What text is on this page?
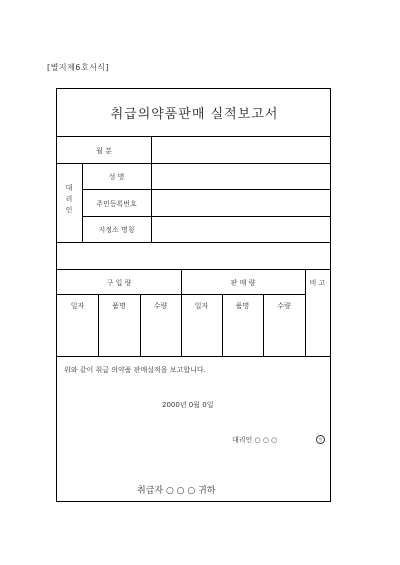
[별지제6호서식]
취급의약품판매 실적보고서
월 분
대
리
인
성 명
주민등록번호
지정소 명칭
구 입 량	판 매 량	비 고
일자	품명	수량	일자	품명	수량
위와 같이 취급 의약품 판매실적을 보고합니다.
2000년 0월 0일
대리인 ○ ○ ○	인
취급자 ○ ○ ○ 귀하
